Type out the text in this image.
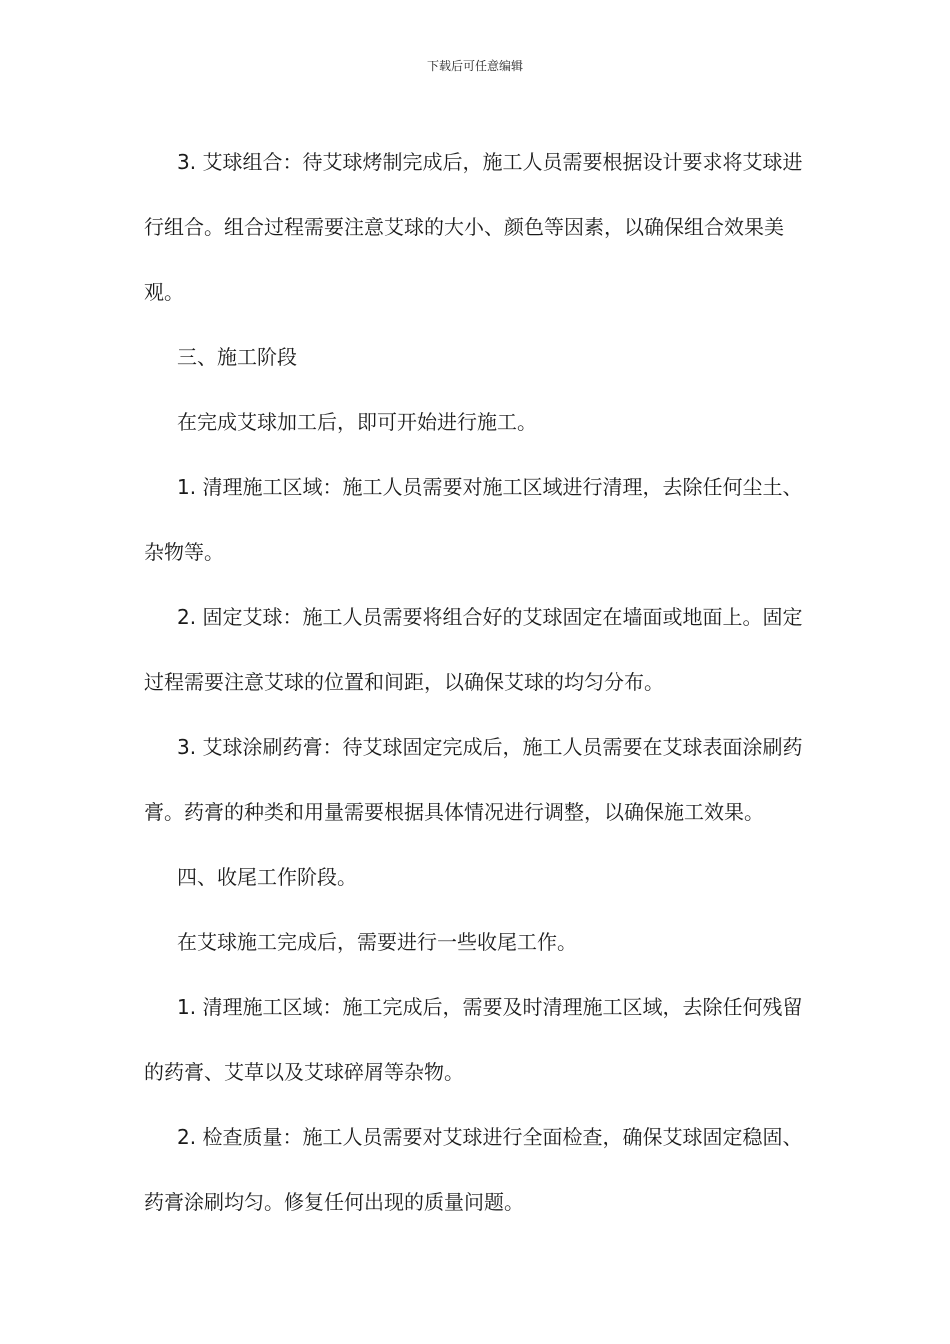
下载后可任意编辑

3. 艾球组合：待艾球烤制完成后，施工人员需要根据设计要求将艾球进行组合。组合过程需要注意艾球的大小、颜色等因素，以确保组合效果美观。

三、施工阶段

在完成艾球加工后，即可开始进行施工。

1. 清理施工区域：施工人员需要对施工区域进行清理，去除任何尘土、杂物等。

2. 固定艾球：施工人员需要将组合好的艾球固定在墙面或地面上。固定过程需要注意艾球的位置和间距，以确保艾球的均匀分布。

3. 艾球涂刷药膏：待艾球固定完成后，施工人员需要在艾球表面涂刷药膏。药膏的种类和用量需要根据具体情况进行调整，以确保施工效果。

四、收尾工作阶段。

在艾球施工完成后，需要进行一些收尾工作。

1. 清理施工区域：施工完成后，需要及时清理施工区域，去除任何残留的药膏、艾草以及艾球碎屑等杂物。

2. 检查质量：施工人员需要对艾球进行全面检查，确保艾球固定稳固、药膏涂刷均匀。修复任何出现的质量问题。
